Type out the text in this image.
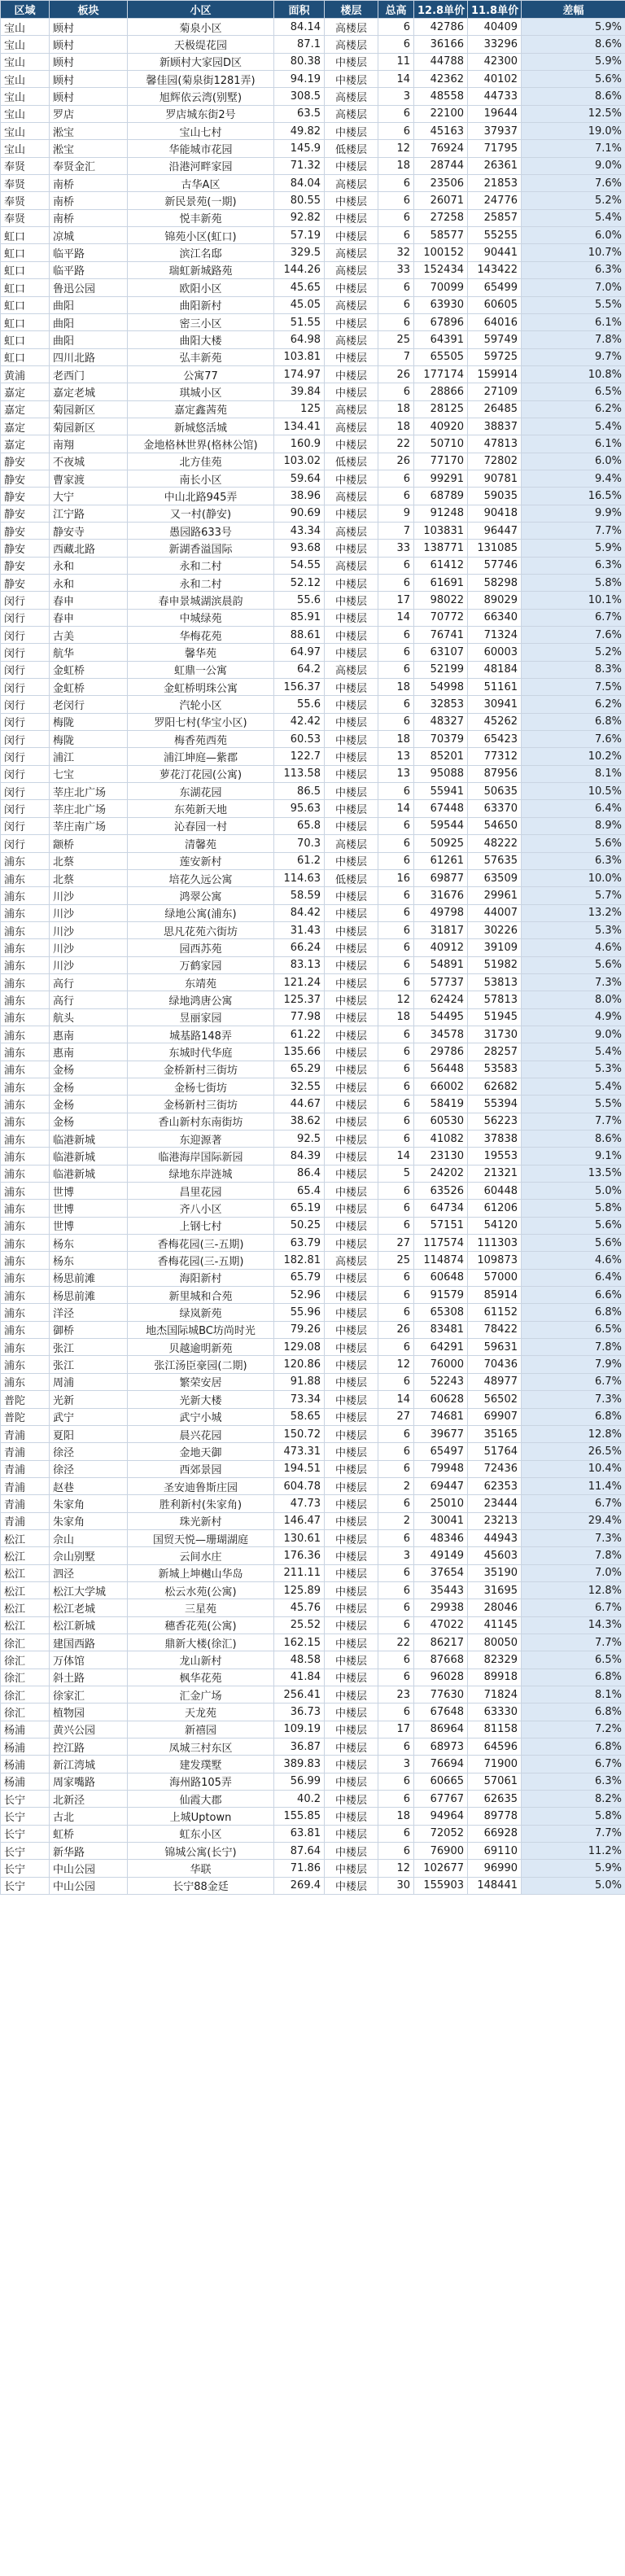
区域	板块	小区	面积	楼层	总高	12.8单价	11.8单价	差幅
宝山	顾村	菊泉小区	84.14	高楼层	6	42786	40409	5.9%
宝山	顾村	天极缇花园	87.1	高楼层	6	36166	33296	8.6%
宝山	顾村	新顾村大家园D区	80.38	中楼层	11	44788	42300	5.9%
宝山	顾村	馨佳园(菊泉街1281弄)	94.19	中楼层	14	42362	40102	5.6%
宝山	顾村	旭辉依云湾(别墅)	308.5	高楼层	3	48558	44733	8.6%
宝山	罗店	罗店城东街2号	63.5	高楼层	6	22100	19644	12.5%
宝山	淞宝	宝山七村	49.82	中楼层	6	45163	37937	19.0%
宝山	淞宝	华能城市花园	145.9	低楼层	12	76924	71795	7.1%
奉贤	奉贤金汇	沿港河畔家园	71.32	中楼层	18	28744	26361	9.0%
奉贤	南桥	古华A区	84.04	高楼层	6	23506	21853	7.6%
奉贤	南桥	新民景苑(一期)	80.55	中楼层	6	26071	24776	5.2%
奉贤	南桥	悦丰新苑	92.82	中楼层	6	27258	25857	5.4%
虹口	凉城	锦苑小区(虹口)	57.19	中楼层	6	58577	55255	6.0%
虹口	临平路	滨江名邸	329.5	高楼层	32	100152	90441	10.7%
虹口	临平路	瑞虹新城路苑	144.26	高楼层	33	152434	143422	6.3%
虹口	鲁迅公园	欧阳小区	45.65	中楼层	6	70099	65499	7.0%
虹口	曲阳	曲阳新村	45.05	高楼层	6	63930	60605	5.5%
虹口	曲阳	密三小区	51.55	中楼层	6	67896	64016	6.1%
虹口	曲阳	曲阳大楼	64.98	高楼层	25	64391	59749	7.8%
虹口	四川北路	弘丰新苑	103.81	中楼层	7	65505	59725	9.7%
黄浦	老西门	公寓77	174.97	中楼层	26	177174	159914	10.8%
嘉定	嘉定老城	琪城小区	39.84	中楼层	6	28866	27109	6.5%
嘉定	菊园新区	嘉定鑫茜苑	125	高楼层	18	28125	26485	6.2%
嘉定	菊园新区	新城悠活城	134.41	高楼层	18	40920	38837	5.4%
嘉定	南翔	金地格林世界(格林公馆)	160.9	中楼层	22	50710	47813	6.1%
静安	不夜城	北方佳苑	103.02	低楼层	26	77170	72802	6.0%
静安	曹家渡	南长小区	59.64	中楼层	6	99291	90781	9.4%
静安	大宁	中山北路945弄	38.96	高楼层	6	68789	59035	16.5%
静安	江宁路	又一村(静安)	90.69	中楼层	9	91248	90418	9.9%
静安	静安寺	愚园路633号	43.34	高楼层	7	103831	96447	7.7%
静安	西藏北路	新湖香溢国际	93.68	中楼层	33	138771	131085	5.9%
静安	永和	永和二村	54.55	高楼层	6	61412	57746	6.3%
静安	永和	永和二村	52.12	中楼层	6	61691	58298	5.8%
闵行	春申	春申景城湖滨晨韵	55.6	中楼层	17	98022	89029	10.1%
闵行	春申	中城绿苑	85.91	中楼层	14	70772	66340	6.7%
闵行	古美	华梅花苑	88.61	中楼层	6	76741	71324	7.6%
闵行	航华	馨华苑	64.97	中楼层	6	63107	60003	5.2%
闵行	金虹桥	虹鼎一公寓	64.2	高楼层	6	52199	48184	8.3%
闵行	金虹桥	金虹桥明珠公寓	156.37	中楼层	18	54998	51161	7.5%
闵行	老闵行	汽轮小区	55.6	中楼层	6	32853	30941	6.2%
闵行	梅陇	罗阳七村(华宝小区)	42.42	中楼层	6	48327	45262	6.8%
闵行	梅陇	梅香苑西苑	60.53	中楼层	18	70379	65423	7.6%
闵行	浦江	浦江坤庭—紫郡	122.7	中楼层	13	85201	77312	10.2%
闵行	七宝	萝花汀花园(公寓)	113.58	中楼层	13	95088	87956	8.1%
闵行	莘庄北广场	东湖花园	86.5	中楼层	6	55941	50635	10.5%
闵行	莘庄北广场	东苑新天地	95.63	中楼层	14	67448	63370	6.4%
闵行	莘庄南广场	沁春园一村	65.8	中楼层	6	59544	54650	8.9%
闵行	颛桥	清馨苑	70.3	高楼层	6	50925	48222	5.6%
浦东	北蔡	莲安新村	61.2	中楼层	6	61261	57635	6.3%
浦东	北蔡	培花久远公寓	114.63	低楼层	16	69877	63509	10.0%
浦东	川沙	鸿翠公寓	58.59	中楼层	6	31676	29961	5.7%
浦东	川沙	绿地公寓(浦东)	84.42	中楼层	6	49798	44007	13.2%
浦东	川沙	思凡花苑六街坊	31.43	中楼层	6	31817	30226	5.3%
浦东	川沙	园西苏苑	66.24	中楼层	6	40912	39109	4.6%
浦东	川沙	万鹤家园	83.13	中楼层	6	54891	51982	5.6%
浦东	高行	东靖苑	121.24	中楼层	6	57737	53813	7.3%
浦东	高行	绿地鸿唐公寓	125.37	中楼层	12	62424	57813	8.0%
浦东	航头	昱丽家园	77.98	中楼层	18	54495	51945	4.9%
浦东	惠南	城基路148弄	61.22	中楼层	6	34578	31730	9.0%
浦东	惠南	东城时代华庭	135.66	中楼层	6	29786	28257	5.4%
浦东	金杨	金桥新村三街坊	65.29	中楼层	6	56448	53583	5.3%
浦东	金杨	金杨七街坊	32.55	中楼层	6	66002	62682	5.4%
浦东	金杨	金杨新村三街坊	44.67	中楼层	6	58419	55394	5.5%
浦东	金杨	香山新村东南街坊	38.62	中楼层	6	60530	56223	7.7%
浦东	临港新城	东迎源著	92.5	中楼层	6	41082	37838	8.6%
浦东	临港新城	临港海岸国际新园	84.39	中楼层	14	23130	19553	9.1%
浦东	临港新城	绿地东岸涟城	86.4	中楼层	5	24202	21321	13.5%
浦东	世博	昌里花园	65.4	中楼层	6	63526	60448	5.0%
浦东	世博	齐八小区	65.19	中楼层	6	64734	61206	5.8%
浦东	世博	上钢七村	50.25	中楼层	6	57151	54120	5.6%
浦东	杨东	香梅花园(三-五期)	63.79	中楼层	27	117574	111303	5.6%
浦东	杨东	香梅花园(三-五期)	182.81	高楼层	25	114874	109873	4.6%
浦东	杨思前滩	海阳新村	65.79	中楼层	6	60648	57000	6.4%
浦东	杨思前滩	新里城和合苑	52.96	中楼层	6	91579	85914	6.6%
浦东	洋泾	绿岚新苑	55.96	中楼层	6	65308	61152	6.8%
浦东	御桥	地杰国际城BC坊尚时光	79.26	中楼层	26	83481	78422	6.5%
浦东	张江	贝越逾明新苑	129.08	中楼层	6	64291	59631	7.8%
浦东	张江	张江汤臣豪园(二期)	120.86	中楼层	12	76000	70436	7.9%
浦东	周浦	繁荣安居	91.88	中楼层	6	52243	48977	6.7%
普陀	光新	光新大楼	73.34	中楼层	14	60628	56502	7.3%
普陀	武宁	武宁小城	58.65	中楼层	27	74681	69907	6.8%
青浦	夏阳	晨兴花园	150.72	中楼层	6	39677	35165	12.8%
青浦	徐泾	金地天御	473.31	中楼层	6	65497	51764	26.5%
青浦	徐泾	西郊景园	194.51	中楼层	6	79948	72436	10.4%
青浦	赵巷	圣安迪鲁斯庄园	604.78	中楼层	2	69447	62353	11.4%
青浦	朱家角	胜利新村(朱家角)	47.73	中楼层	6	25010	23444	6.7%
青浦	朱家角	珠光新村	146.47	中楼层	2	30041	23213	29.4%
松江	佘山	国贸天悦—珊瑚湖庭	130.61	中楼层	6	48346	44943	7.3%
松江	佘山别墅	云间水庄	176.36	中楼层	3	49149	45603	7.8%
松江	泗泾	新城上坤樾山华岛	211.11	中楼层	6	37654	35190	7.0%
松江	松江大学城	松云水苑(公寓)	125.89	中楼层	6	35443	31695	12.8%
松江	松江老城	三星苑	45.76	中楼层	6	29938	28046	6.7%
松江	松江新城	穗香花苑(公寓)	25.52	中楼层	6	47022	41145	14.3%
徐汇	建国西路	鼎新大楼(徐汇)	162.15	中楼层	22	86217	80050	7.7%
徐汇	万体馆	龙山新村	48.58	中楼层	6	87668	82329	6.5%
徐汇	斜土路	枫华花苑	41.84	中楼层	6	96028	89918	6.8%
徐汇	徐家汇	汇金广场	256.41	中楼层	23	77630	71824	8.1%
徐汇	植物园	天龙苑	36.73	中楼层	6	67648	63330	6.8%
杨浦	黄兴公园	新禧园	109.19	中楼层	17	86964	81158	7.2%
杨浦	控江路	凤城三村东区	36.87	中楼层	6	68973	64596	6.8%
杨浦	新江湾城	建发璞墅	389.83	中楼层	3	76694	71900	6.7%
杨浦	周家嘴路	海州路105弄	56.99	中楼层	6	60665	57061	6.3%
长宁	北新泾	仙霞大郡	40.2	中楼层	6	67767	62635	8.2%
长宁	古北	上城Uptown	155.85	中楼层	18	94964	89778	5.8%
长宁	虹桥	虹东小区	63.81	中楼层	6	72052	66928	7.7%
长宁	新华路	锦城公寓(长宁)	87.64	中楼层	6	76900	69110	11.2%
长宁	中山公园	华联	71.86	中楼层	12	102677	96990	5.9%
长宁	中山公园	长宁88金廷	269.4	中楼层	30	155903	148441	5.0%
